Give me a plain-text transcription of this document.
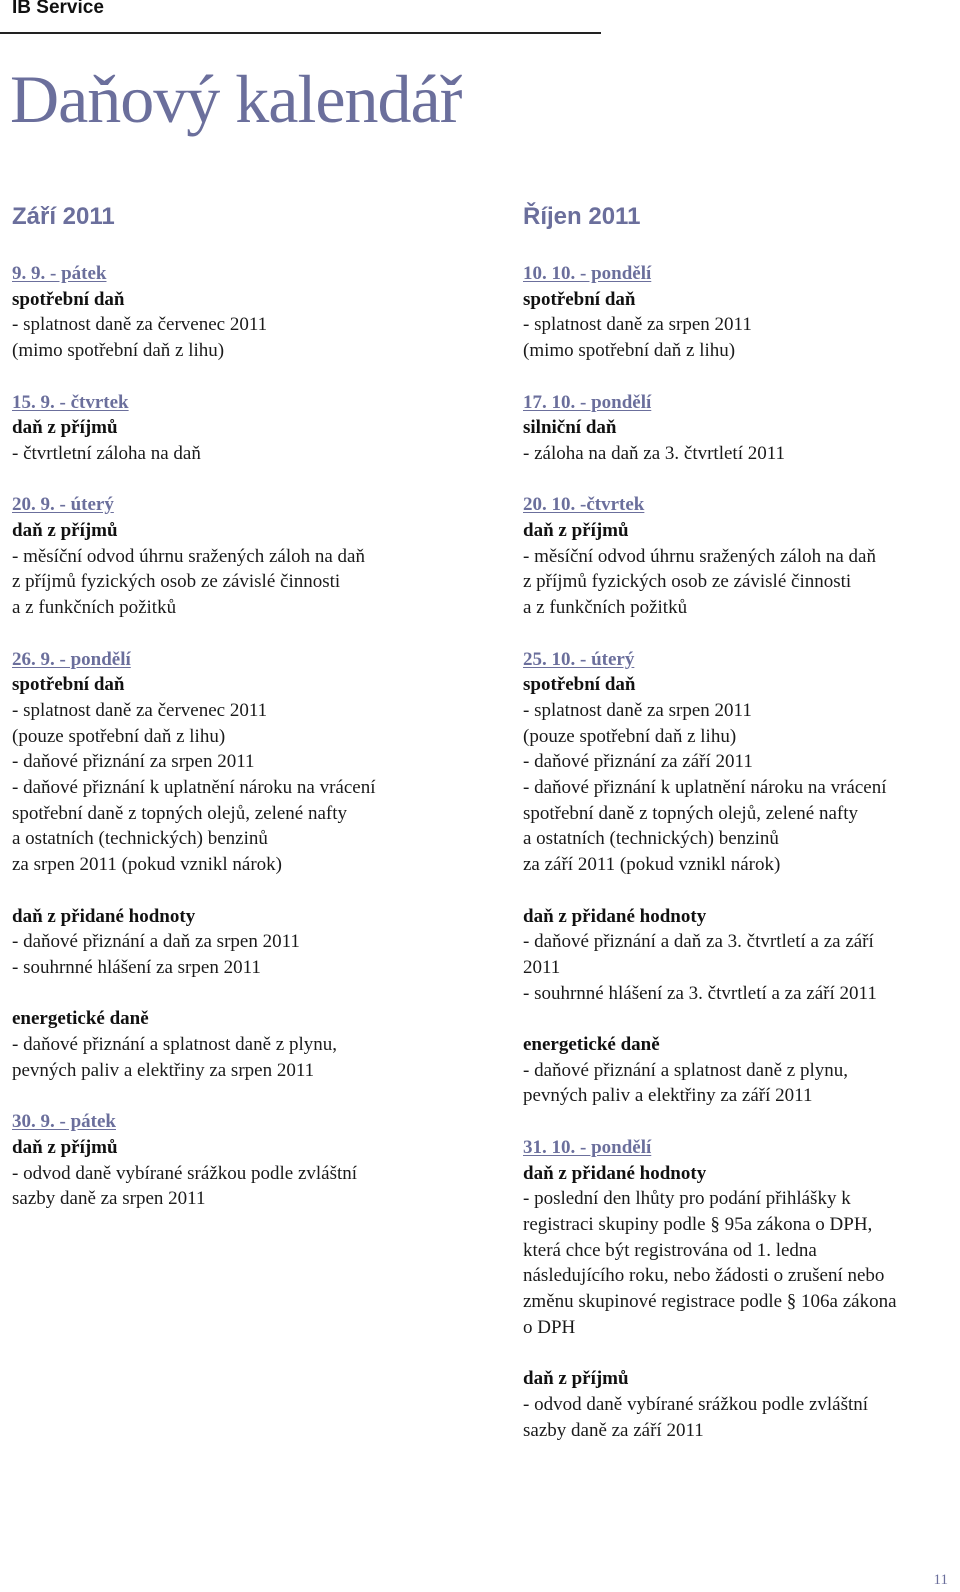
IB Service
Daňový kalendář
Září 2011
9. 9. - pátek
spotřební daň
- splatnost daně za červenec 2011
(mimo spotřební daň z lihu)
15. 9. - čtvrtek
daň z příjmů
- čtvrtletní záloha na daň
20. 9. - úterý
daň z příjmů
- měsíční odvod úhrnu sražených záloh na daň
z příjmů fyzických osob ze závislé činnosti
a z funkčních požitků
26. 9. - pondělí
spotřební daň
- splatnost daně za červenec 2011
(pouze spotřební daň z lihu)
- daňové přiznání za srpen 2011
- daňové přiznání k uplatnění nároku na vrácení
spotřební daně z topných olejů, zelené nafty
a ostatních (technických) benzinů
za srpen 2011 (pokud vznikl nárok)
daň z přidané hodnoty
- daňové přiznání a daň za srpen 2011
- souhrnné hlášení za srpen 2011
energetické daně
- daňové přiznání a splatnost daně z plynu,
pevných paliv a elektřiny za srpen 2011
30. 9. - pátek
daň z příjmů
- odvod daně vybírané srážkou podle zvláštní
sazby daně za srpen 2011
Říjen 2011
10. 10. - pondělí
spotřební daň
- splatnost daně za srpen 2011
(mimo spotřební daň z lihu)
17. 10. - pondělí
silniční daň
- záloha na daň za 3. čtvrtletí 2011
20. 10. -čtvrtek
daň z příjmů
- měsíční odvod úhrnu sražených záloh na daň
z příjmů fyzických osob ze závislé činnosti
a z funkčních požitků
25. 10. - úterý
spotřební daň
- splatnost daně za srpen 2011
(pouze spotřební daň z lihu)
- daňové přiznání za září 2011
- daňové přiznání k uplatnění nároku na vrácení
spotřební daně z topných olejů, zelené nafty
a ostatních (technických) benzinů
za září 2011 (pokud vznikl nárok)
daň z přidané hodnoty
- daňové přiznání a daň za 3. čtvrtletí a za září
2011
- souhrnné hlášení za 3. čtvrtletí a za září 2011
energetické daně
- daňové přiznání a splatnost daně z plynu,
pevných paliv a elektřiny za září 2011
31. 10. - pondělí
daň z přidané hodnoty
- poslední den lhůty pro podání přihlášky k
registraci skupiny podle § 95a zákona o DPH,
která chce být registrována od 1. ledna
následujícího roku, nebo žádosti o zrušení nebo
změnu skupinové registrace podle § 106a zákona
o DPH
daň z příjmů
- odvod daně vybírané srážkou podle zvláštní
sazby daně za září 2011
11
